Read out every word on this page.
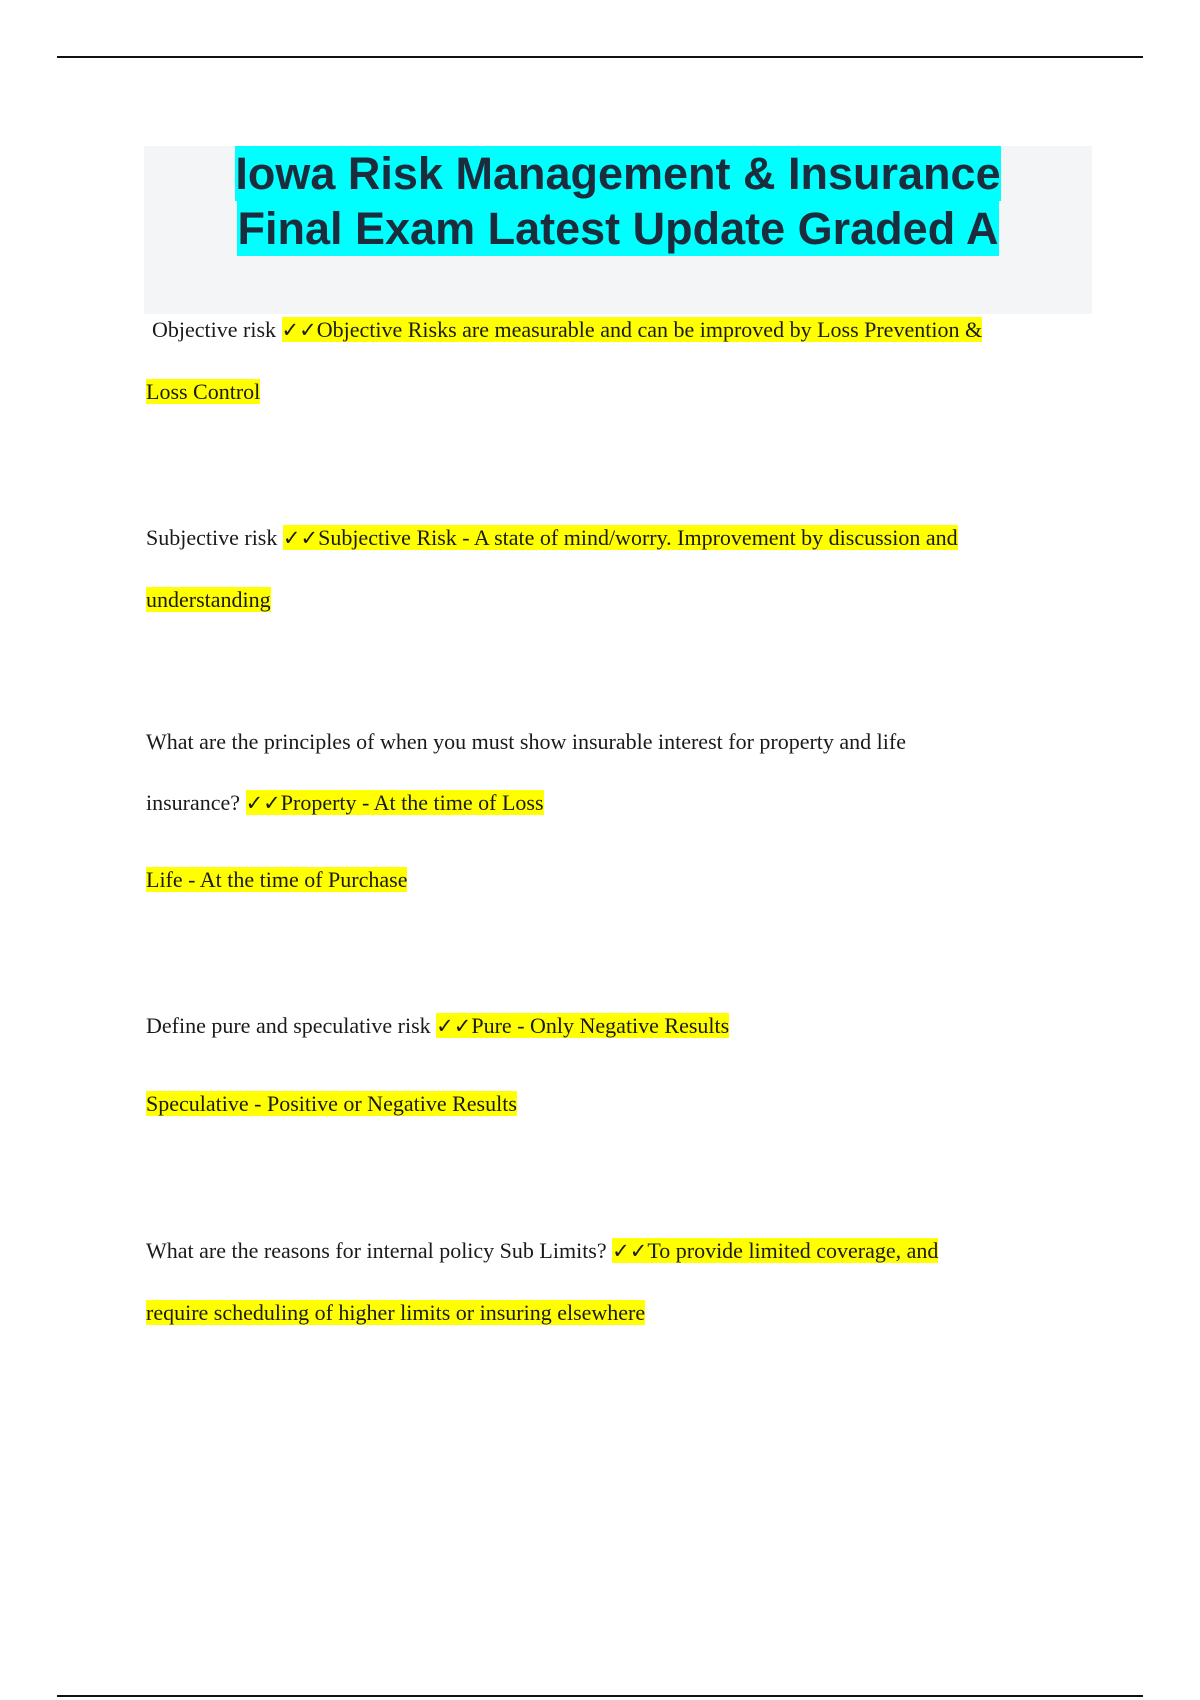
Iowa Risk Management & Insurance
Final Exam Latest Update Graded A
Objective risk ✓✓Objective Risks are measurable and can be improved by Loss Prevention &
Loss Control
Subjective risk ✓✓Subjective Risk - A state of mind/worry. Improvement by discussion and
understanding
What are the principles of when you must show insurable interest for property and life
insurance? ✓✓Property - At the time of Loss
Life - At the time of Purchase
Define pure and speculative risk ✓✓Pure - Only Negative Results
Speculative - Positive or Negative Results
What are the reasons for internal policy Sub Limits? ✓✓To provide limited coverage, and
require scheduling of higher limits or insuring elsewhere
